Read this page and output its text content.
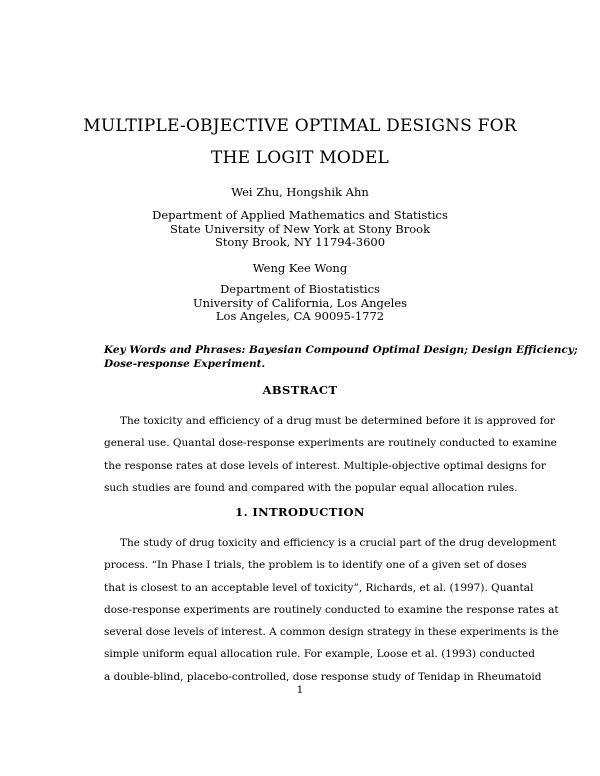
MULTIPLE-OBJECTIVE OPTIMAL DESIGNS FOR
THE LOGIT MODEL
Wei Zhu, Hongshik Ahn
Department of Applied Mathematics and Statistics
State University of New York at Stony Brook
Stony Brook, NY 11794-3600
Weng Kee Wong
Department of Biostatistics
University of California, Los Angeles
Los Angeles, CA 90095-1772
Key Words and Phrases: Bayesian Compound Optimal Design; Design Efficiency;
Dose-response Experiment.
ABSTRACT
The toxicity and efficiency of a drug must be determined before it is approved for
general use. Quantal dose-response experiments are routinely conducted to examine
the response rates at dose levels of interest. Multiple-objective optimal designs for
such studies are found and compared with the popular equal allocation rules.
1. INTRODUCTION
The study of drug toxicity and efficiency is a crucial part of the drug development
process. “In Phase I trials, the problem is to identify one of a given set of doses
that is closest to an acceptable level of toxicity”, Richards, et al. (1997). Quantal
dose-response experiments are routinely conducted to examine the response rates at
several dose levels of interest. A common design strategy in these experiments is the
simple uniform equal allocation rule. For example, Loose et al. (1993) conducted
a double-blind, placebo-controlled, dose response study of Tenidap in Rheumatoid
1
